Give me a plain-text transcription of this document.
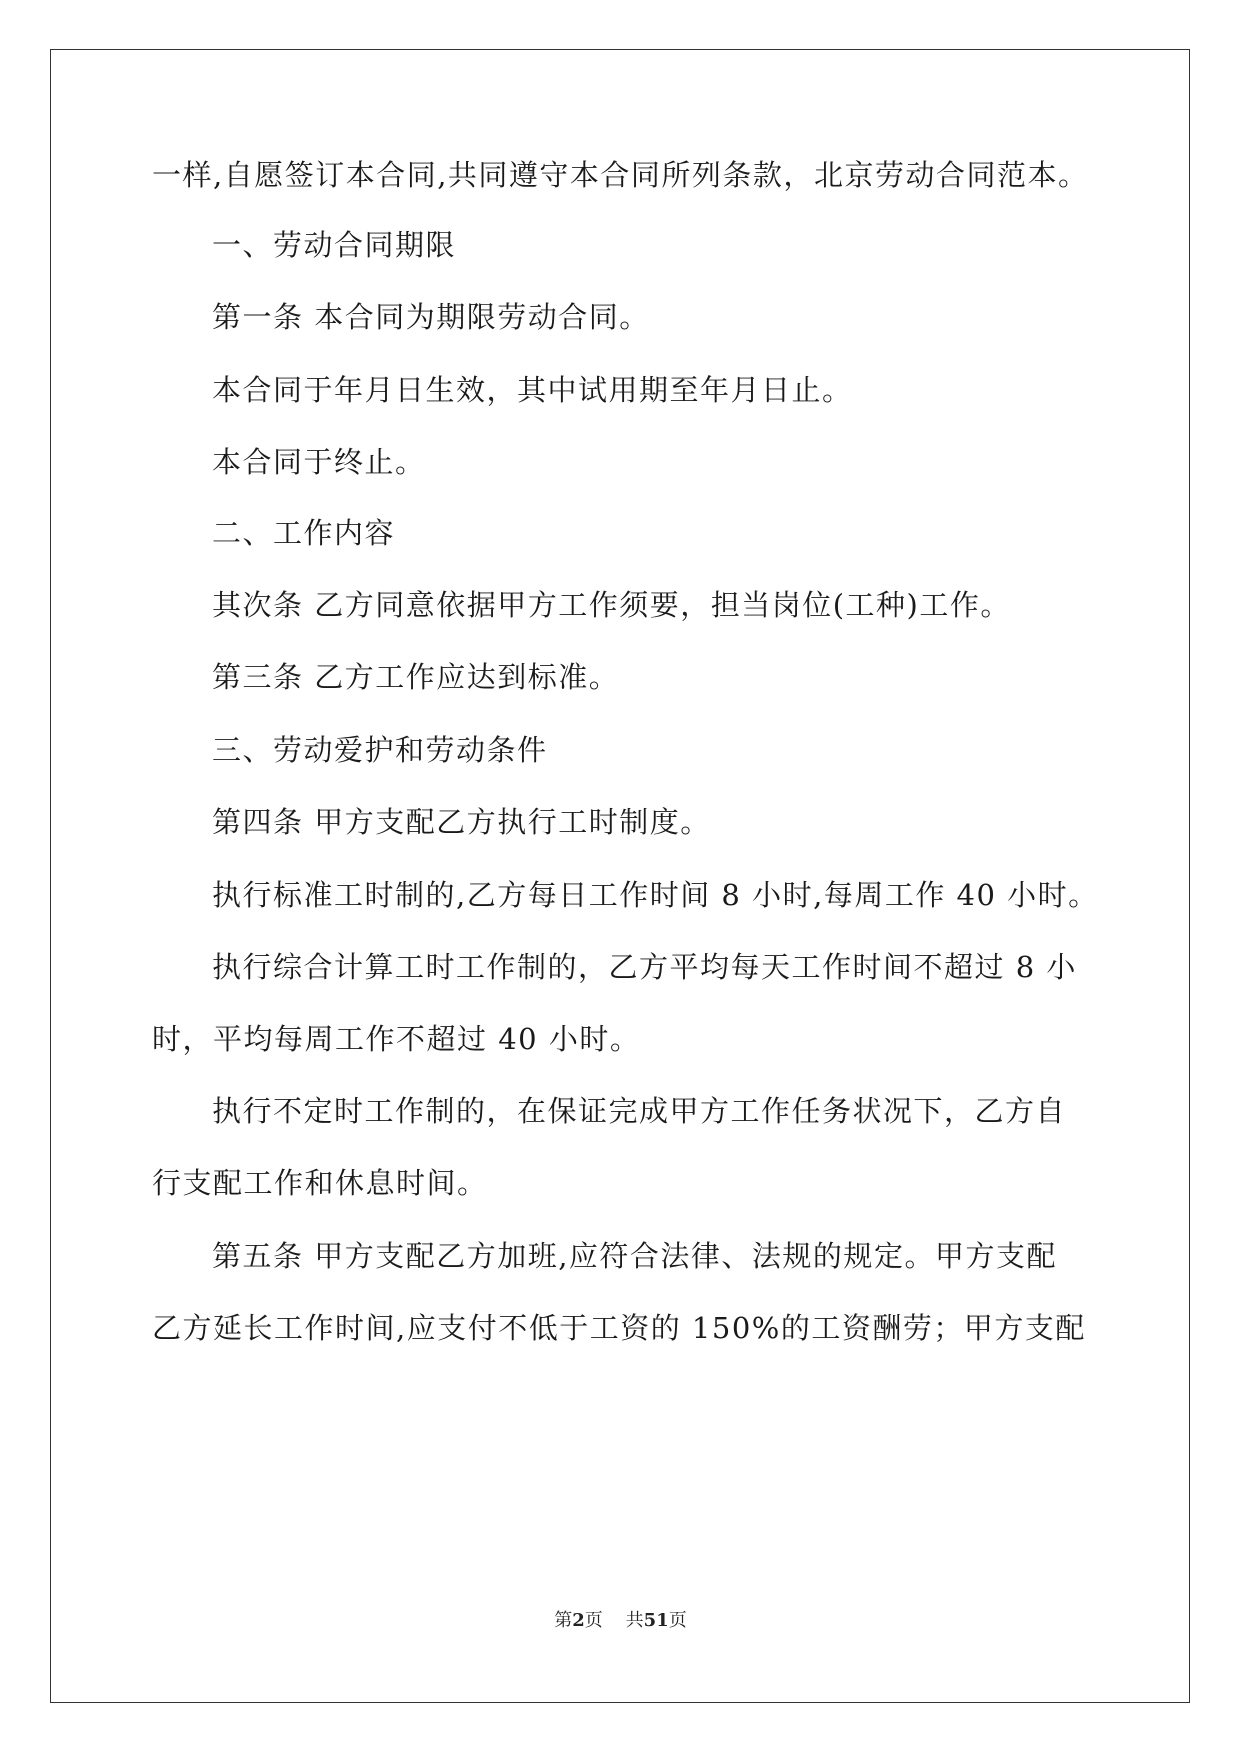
一样,自愿签订本合同,共同遵守本合同所列条款，北京劳动合同范本。
一、劳动合同期限
第一条 本合同为期限劳动合同。
本合同于年月日生效，其中试用期至年月日止。
本合同于终止。
二、工作内容
其次条 乙方同意依据甲方工作须要，担当岗位(工种)工作。
第三条 乙方工作应达到标准。
三、劳动爱护和劳动条件
第四条 甲方支配乙方执行工时制度。
执行标准工时制的,乙方每日工作时间 8 小时,每周工作 40 小时。
执行综合计算工时工作制的，乙方平均每天工作时间不超过 8 小
时，平均每周工作不超过 40 小时。
执行不定时工作制的，在保证完成甲方工作任务状况下，乙方自
行支配工作和休息时间。
第五条 甲方支配乙方加班,应符合法律、法规的规定。甲方支配
乙方延长工作时间,应支付不低于工资的 150%的工资酬劳；甲方支配
第2页 共51页
